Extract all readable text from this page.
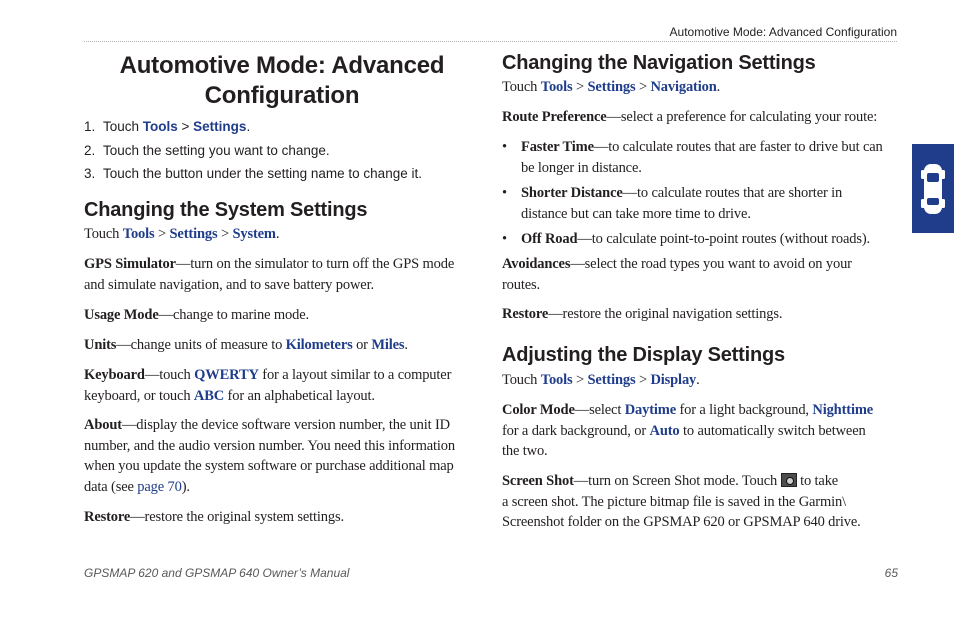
Automotive Mode: Advanced Configuration
Automotive Mode: Advanced
Configuration
1. Touch Tools > Settings.
2. Touch the setting you want to change.
3. Touch the button under the setting name to change it.
Changing the System Settings

Touch Tools > Settings > System.

GPS Simulator—turn on the simulator to turn off the GPS mode
and simulate navigation, and to save battery power.

Usage Mode—change to marine mode.

Units—change units of measure to Kilometers or Miles.

Keyboard—touch QWERTY for a layout similar to a computer
keyboard, or touch ABC for an alphabetical layout.

About—display the device software version number, the unit ID
number, and the audio version number. You need this information
when you update the system software or purchase additional map
data (see page 70).

Restore—restore the original system settings.

Changing the Navigation Settings

Touch Tools > Settings > Navigation.

Route Preference—select a preference for calculating your route:

• Faster Time—to calculate routes that are faster to drive but can
be longer in distance.
• Shorter Distance—to calculate routes that are shorter in
distance but can take more time to drive.
• Off Road—to calculate point-to-point routes (without roads).

Avoidances—select the road types you want to avoid on your
routes.

Restore—restore the original navigation settings.

Adjusting the Display Settings

Touch Tools > Settings > Display.

Color Mode—select Daytime for a light background, Nighttime
for a dark background, or Auto to automatically switch between
the two.

Screen Shot—turn on Screen Shot mode. Touch  to take
a screen shot. The picture bitmap file is saved in the Garmin\
Screenshot folder on the GPSMAP 620 or GPSMAP 640 drive.

GPSMAP 620 and GPSMAP 640 Owner’s Manual	65
